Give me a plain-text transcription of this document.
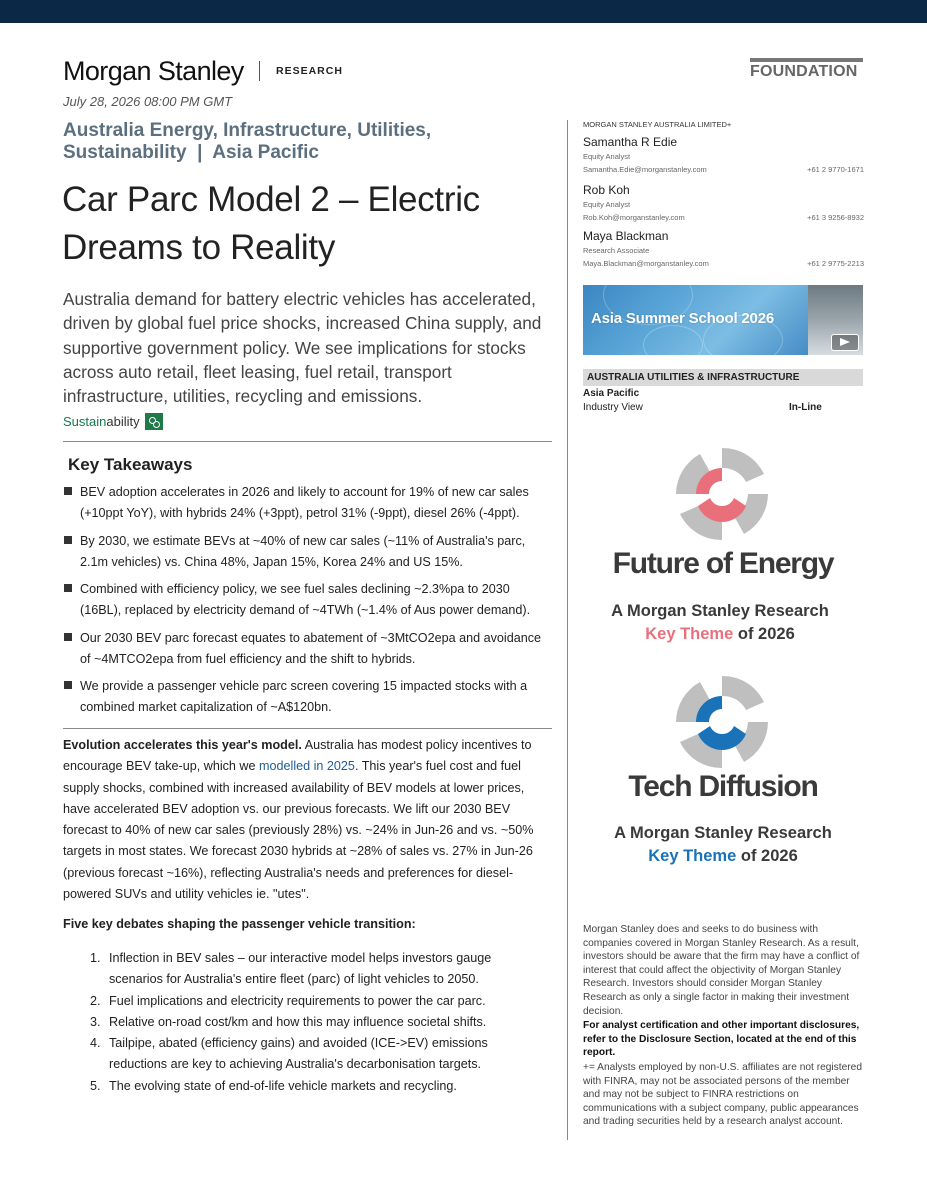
Morgan Stanley	RESEARCH	FOUNDATION
July 28, 2026 08:00 PM GMT
Australia Energy, Infrastructure, Utilities,
Sustainability  |  Asia Pacific
Car Parc Model 2 – Electric Dreams to Reality

Australia demand for battery electric vehicles has accelerated, driven by global fuel price shocks, increased China supply, and supportive government policy. We see implications for stocks across auto retail, fleet leasing, fuel retail, transport infrastructure, utilities, recycling and emissions.

Sustain ability
Key Takeaways
BEV adoption accelerates in 2026 and likely to account for 19% of new car sales (+10ppt YoY), with hybrids 24% (+3ppt), petrol 31% (-9ppt), diesel 26% (-4ppt).
By 2030, we estimate BEVs at ~40% of new car sales (~11% of Australia's parc, 2.1m vehicles) vs. China 48%, Japan 15%, Korea 24% and US 15%.
Combined with efficiency policy, we see fuel sales declining ~2.3%pa to 2030 (16BL), replaced by electricity demand of ~4TWh (~1.4% of Aus power demand).
Our 2030 BEV parc forecast equates to abatement of ~3MtCO2epa and avoidance of ~4MTCO2epa from fuel efficiency and the shift to hybrids.
We provide a passenger vehicle parc screen covering 15 impacted stocks with a combined market capitalization of ~A$120bn.

Evolution accelerates this year's model. Australia has modest policy incentives to encourage BEV take-up, which we modelled in 2025. This year's fuel cost and fuel supply shocks, combined with increased availability of BEV models at lower prices, have accelerated BEV adoption vs. our previous forecasts. We lift our 2030 BEV forecast to 40% of new car sales (previously 28%) vs. ~24% in Jun-26 and vs. ~50% targets in most states. We forecast 2030 hybrids at ~28% of sales vs. 27% in Jun-26 (previous forecast ~16%), reflecting Australia's needs and preferences for diesel-powered SUVs and utility vehicles ie. "utes".

Five key debates shaping the passenger vehicle transition:
1. Inflection in BEV sales – our interactive model helps investors gauge scenarios for Australia's entire fleet (parc) of light vehicles to 2050.
2. Fuel implications and electricity requirements to power the car parc.
3. Relative on-road cost/km and how this may influence societal shifts.
4. Tailpipe, abated (efficiency gains) and avoided (ICE->EV) emissions reductions are key to achieving Australia's decarbonisation targets.
5. The evolving state of end-of-life vehicle markets and recycling.
MORGAN STANLEY AUSTRALIA LIMITED+
Samantha R Edie
Equity Analyst
Samantha.Edie@morganstanley.com	+61 2 9770-1671
Rob Koh
Equity Analyst
Rob.Koh@morganstanley.com	+61 3 9256-8932
Maya Blackman
Research Associate
Maya.Blackman@morganstanley.com	+61 2 9775-2213
Asia Summer School 2026
AUSTRALIA UTILITIES & INFRASTRUCTURE
Asia Pacific
Industry View	In-Line
Future of Energy
A Morgan Stanley Research
Key Theme of 2026
Tech Diffusion
A Morgan Stanley Research
Key Theme of 2026

Morgan Stanley does and seeks to do business with companies covered in Morgan Stanley Research. As a result, investors should be aware that the firm may have a conflict of interest that could affect the objectivity of Morgan Stanley Research. Investors should consider Morgan Stanley Research as only a single factor in making their investment decision.

For analyst certification and other important disclosures, refer to the Disclosure Section, located at the end of this report.

+= Analysts employed by non-U.S. affiliates are not registered with FINRA, may not be associated persons of the member and may not be subject to FINRA restrictions on communications with a subject company, public appearances and trading securities held by a research analyst account.
